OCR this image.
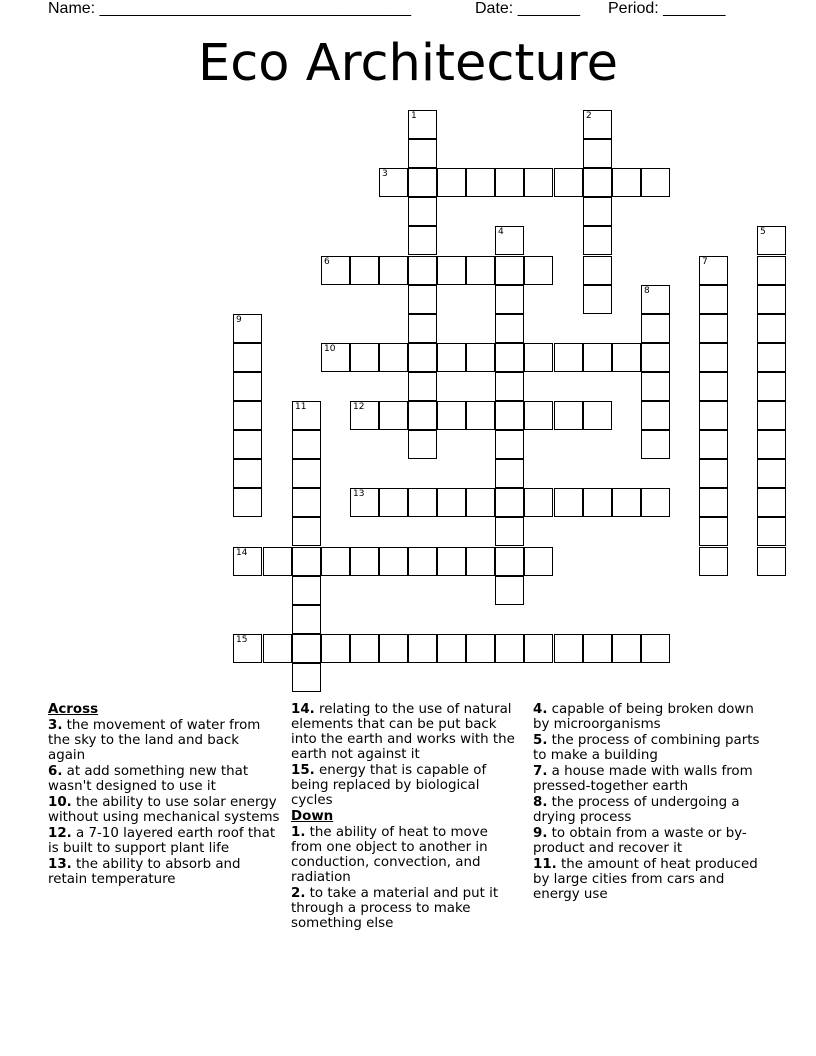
Name: ___________________________________	Date: _______ Period: _______
Eco Architecture
1	2
3
4	5
6	7
8
9
10
11	12
13
14
15

Across

3. the movement of water from the sky to the land and back again

6. at add something new that wasn't designed to use it

10. the ability to use solar energy without using mechanical systems

12. a 7-10 layered earth roof that is built to support plant life

13. the ability to absorb and retain temperature

14. relating to the use of natural elements that can be put back into the earth and works with the earth not against it

15. energy that is capable of being replaced by biological cycles

Down

1. the ability of heat to move from one object to another in conduction, convection, and radiation

2. to take a material and put it through a process to make something else

4. capable of being broken down by microorganisms

5. the process of combining parts to make a building

7. a house made with walls from pressed-together earth

8. the process of undergoing a drying process

9. to obtain from a waste or by-product and recover it

11. the amount of heat produced by large cities from cars and energy use
